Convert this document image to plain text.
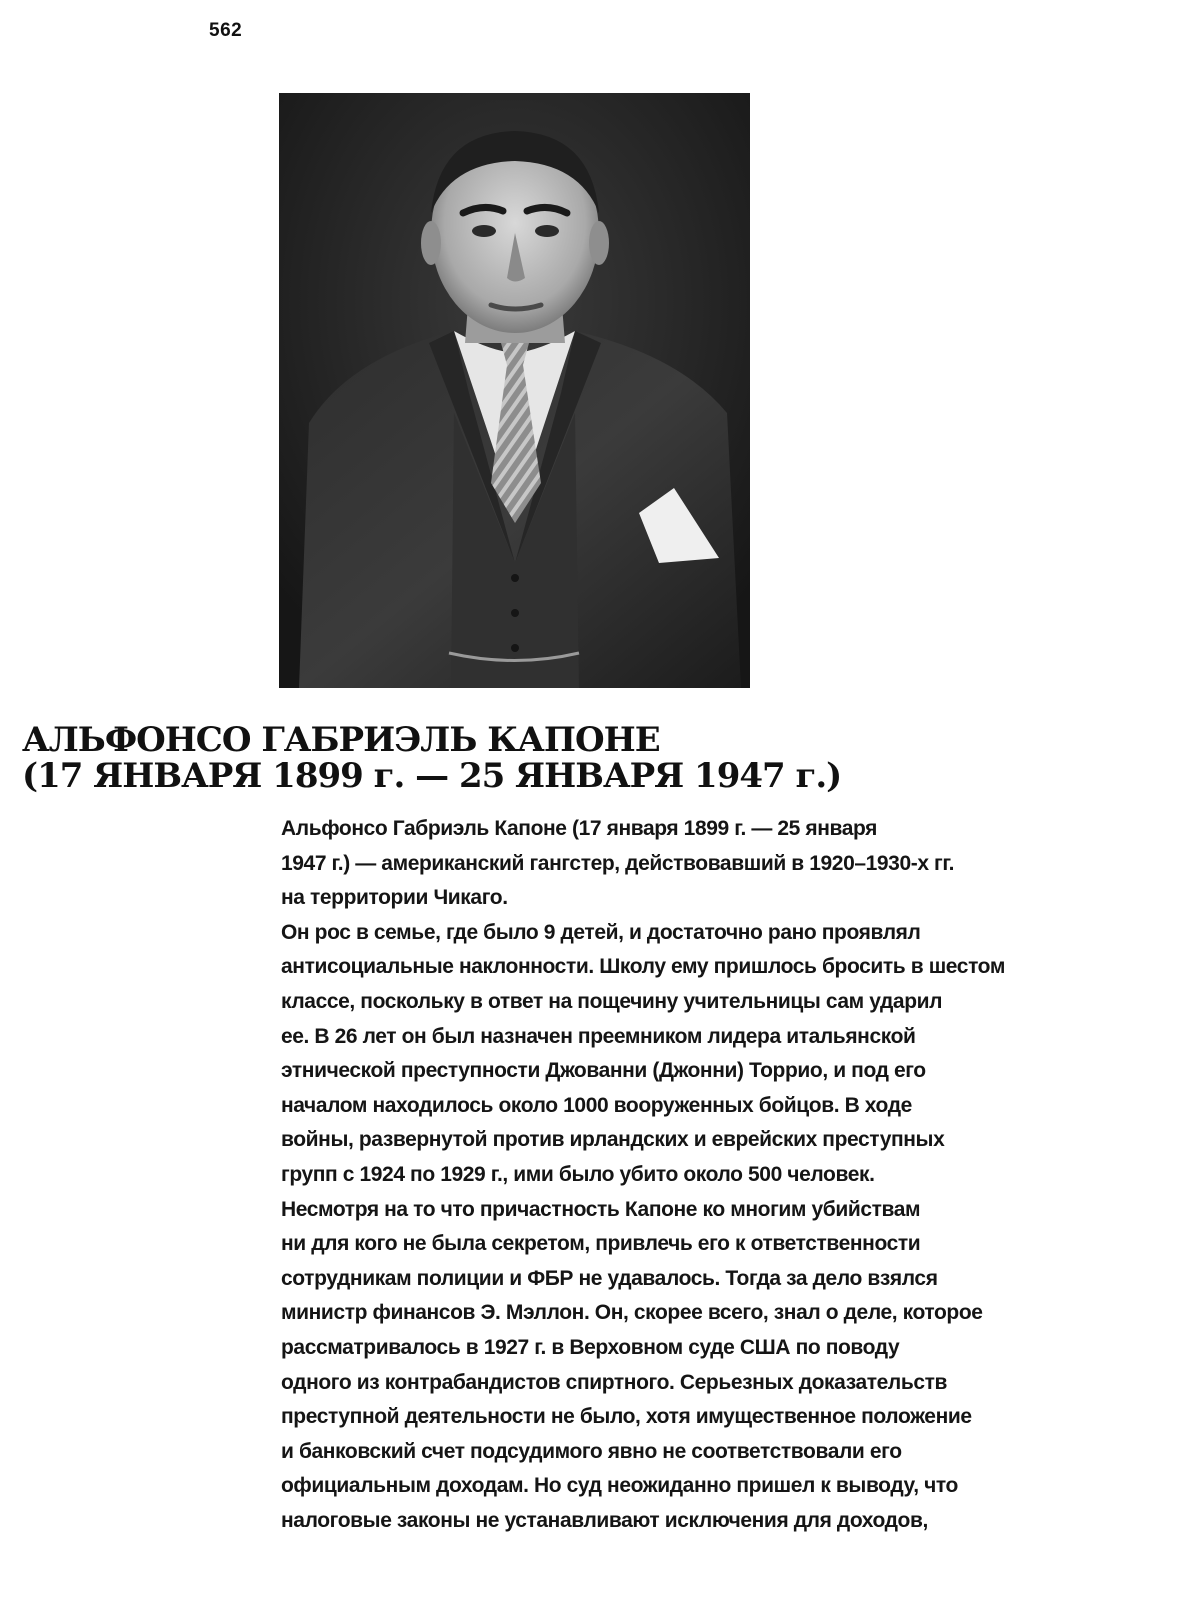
562
АЛЬФОНСО ГАБРИЭЛЬ КАПОНЕ
(17 ЯНВАРЯ 1899 г. — 25 ЯНВАРЯ 1947 г.)
Альфонсо Габриэль Капоне (17 января 1899 г. — 25 января
1947 г.) — американский гангстер, действовавший в 1920–1930-х гг.
на территории Чикаго.
Он рос в семье, где было 9 детей, и достаточно рано проявлял
антисоциальные наклонности. Школу ему пришлось бросить в шестом
классе, поскольку в ответ на пощечину учительницы сам ударил
ее. В 26 лет он был назначен преемником лидера итальянской
этнической преступности Джованни (Джонни) Торрио, и под его
началом находилось около 1000 вооруженных бойцов. В ходе
войны, развернутой против ирландских и еврейских преступных
групп с 1924 по 1929 г., ими было убито около 500 человек.
Несмотря на то что причастность Капоне ко многим убийствам
ни для кого не была секретом, привлечь его к ответственности
сотрудникам полиции и ФБР не удавалось. Тогда за дело взялся
министр финансов Э. Мэллон. Он, скорее всего, знал о деле, которое
рассматривалось в 1927 г. в Верховном суде США по поводу
одного из контрабандистов спиртного. Серьезных доказательств
преступной деятельности не было, хотя имущественное положение
и банковский счет подсудимого явно не соответствовали его
официальным доходам. Но суд неожиданно пришел к выводу, что
налоговые законы не устанавливают исключения для доходов,
